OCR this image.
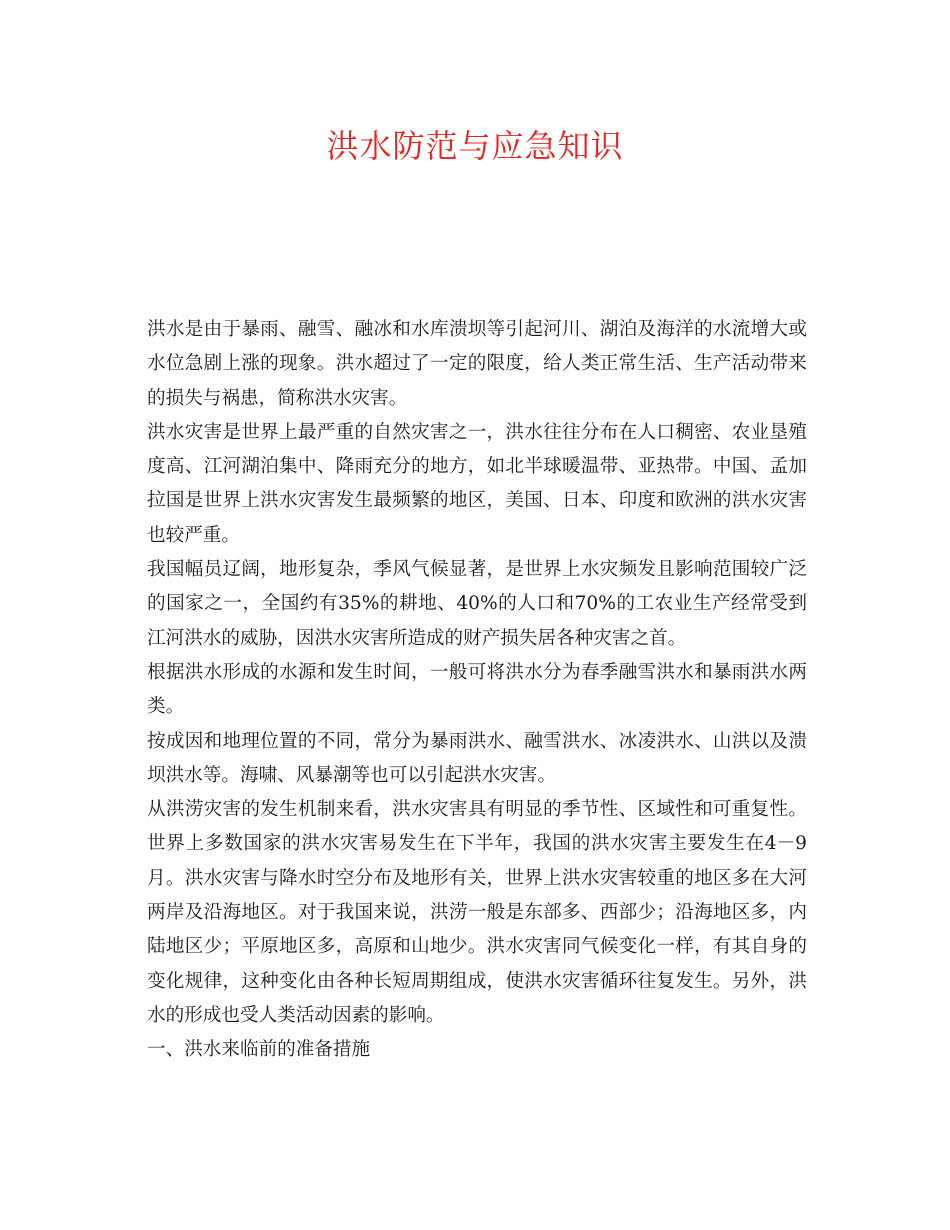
洪水防范与应急知识

洪水是由于暴雨、融雪、融冰和水库溃坝等引起河川、湖泊及海洋的水流增大或水位急剧上涨的现象。洪水超过了一定的限度，给人类正常生活、生产活动带来的损失与祸患，简称洪水灾害。

洪水灾害是世界上最严重的自然灾害之一，洪水往往分布在人口稠密、农业垦殖度高、江河湖泊集中、降雨充分的地方，如北半球暖温带、亚热带。中国、孟加拉国是世界上洪水灾害发生最频繁的地区，美国、日本、印度和欧洲的洪水灾害也较严重。

我国幅员辽阔，地形复杂，季风气候显著，是世界上水灾频发且影响范围较广泛的国家之一，全国约有35%的耕地、40%的人口和70%的工农业生产经常受到江河洪水的威胁，因洪水灾害所造成的财产损失居各种灾害之首。

根据洪水形成的水源和发生时间，一般可将洪水分为春季融雪洪水和暴雨洪水两类。

按成因和地理位置的不同，常分为暴雨洪水、融雪洪水、冰凌洪水、山洪以及溃坝洪水等。海啸、风暴潮等也可以引起洪水灾害。

从洪涝灾害的发生机制来看，洪水灾害具有明显的季节性、区域性和可重复性。世界上多数国家的洪水灾害易发生在下半年，我国的洪水灾害主要发生在4－9月。洪水灾害与降水时空分布及地形有关，世界上洪水灾害较重的地区多在大河两岸及沿海地区。对于我国来说，洪涝一般是东部多、西部少；沿海地区多，内陆地区少；平原地区多，高原和山地少。洪水灾害同气候变化一样，有其自身的变化规律，这种变化由各种长短周期组成，使洪水灾害循环往复发生。另外，洪水的形成也受人类活动因素的影响。

一、洪水来临前的准备措施
